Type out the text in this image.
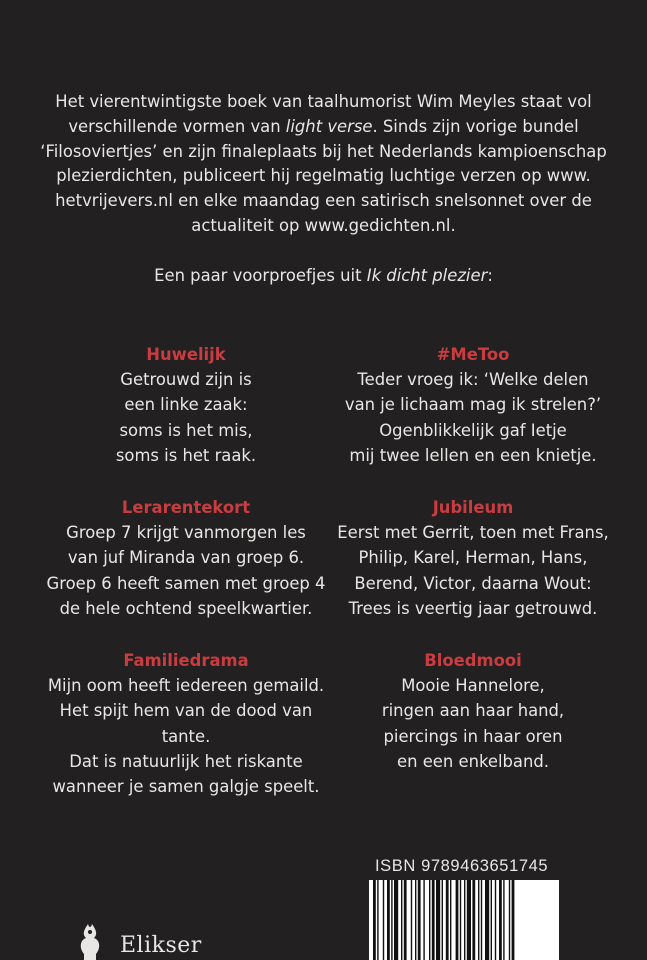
Het vierentwintigste boek van taalhumorist Wim Meyles staat vol

verschillende vormen van light verse. Sinds zijn vorige bundel

‘Filosoviertjes’ en zijn finaleplaats bij het Nederlands kampioenschap

plezierdichten, publiceert hij regelmatig luchtige verzen op www.

hetvrijevers.nl en elke maandag een satirisch snelsonnet over de

actualiteit op www.gedichten.nl.

Een paar voorproefjes uit Ik dicht plezier:

Huwelijk
Getrouwd zijn is
een linke zaak:
soms is het mis,
soms is het raak.
Lerarentekort
Groep 7 krijgt vanmorgen les
van juf Miranda van groep 6.
Groep 6 heeft samen met groep 4
de hele ochtend speelkwartier.
Familiedrama
Mijn oom heeft iedereen gemaild.
Het spijt hem van de dood van tante.
Dat is natuurlijk het riskante
wanneer je samen galgje speelt.
#MeToo
Teder vroeg ik: ‘Welke delen
van je lichaam mag ik strelen?’
Ogenblikkelijk gaf Ietje
mij twee lellen en een knietje.
Jubileum
Eerst met Gerrit, toen met Frans,
Philip, Karel, Herman, Hans,
Berend, Victor, daarna Wout:
Trees is veertig jaar getrouwd.
Bloedmooi
Mooie Hannelore,
ringen aan haar hand,
piercings in haar oren
en een enkelband.
ISBN 9789463651745
Elikser
